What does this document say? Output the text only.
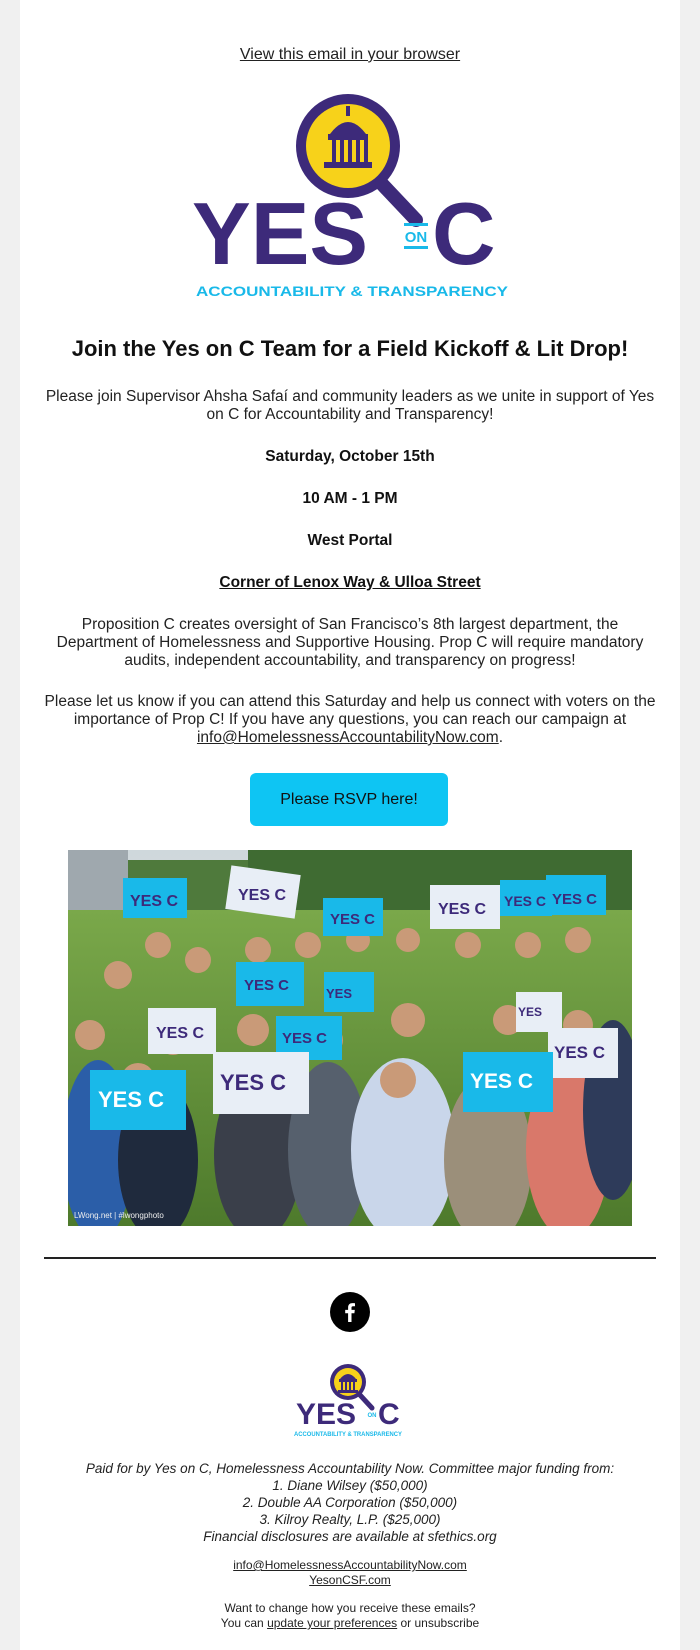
View this email in your browser
YES ON C
ACCOUNTABILITY & TRANSPARENCY
Join the Yes on C Team for a Field Kickoff & Lit Drop!
Please join Supervisor Ahsha Safaí and community leaders as we unite in support of Yes on C for Accountability and Transparency!
Saturday, October 15th
10 AM - 1 PM
West Portal
Corner of Lenox Way & Ulloa Street
Proposition C creates oversight of San Francisco’s 8th largest department, the Department of Homelessness and Supportive Housing. Prop C will require mandatory audits, independent accountability, and transparency on progress!
Please let us know if you can attend this Saturday and help us connect with voters on the importance of Prop C! If you have any questions, you can reach our campaign at info@HomelessnessAccountabilityNow.com.
Please RSVP here!
YES C	YES C
YES C
YES C YES C YES C
YES C	YES
YES C	YES C
YES
YES C
YES C
YES C	YES C
LWong.net | #lwongphoto
YES ON C
ACCOUNTABILITY & TRANSPARENCY
Paid for by Yes on C, Homelessness Accountability Now. Committee major funding from:
1. Diane Wilsey ($50,000)
2. Double AA Corporation ($50,000)
3. Kilroy Realty, L.P. ($25,000)
Financial disclosures are available at sfethics.org
info@HomelessnessAccountabilityNow.com
YesonCSF.com
Want to change how you receive these emails?
You can update your preferences or unsubscribe
